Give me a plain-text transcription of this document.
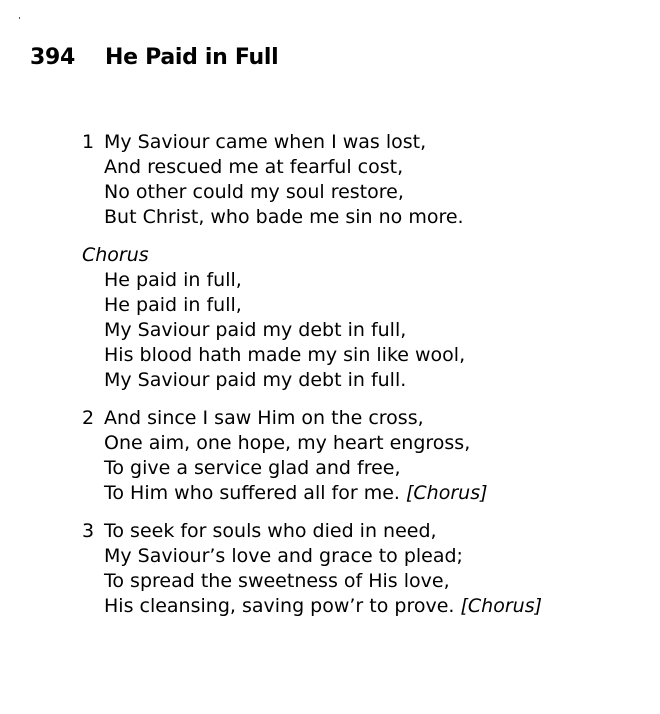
394 He Paid in Full
1 My Saviour came when I was lost,
And rescued me at fearful cost,
No other could my soul restore,
But Christ, who bade me sin no more.
Chorus
He paid in full,
He paid in full,
My Saviour paid my debt in full,
His blood hath made my sin like wool,
My Saviour paid my debt in full.
2 And since I saw Him on the cross,
One aim, one hope, my heart engross,
To give a service glad and free,
To Him who suffered all for me. [Chorus]
3 To seek for souls who died in need,
My Saviour’s love and grace to plead;
To spread the sweetness of His love,
His cleansing, saving pow’r to prove. [Chorus]
